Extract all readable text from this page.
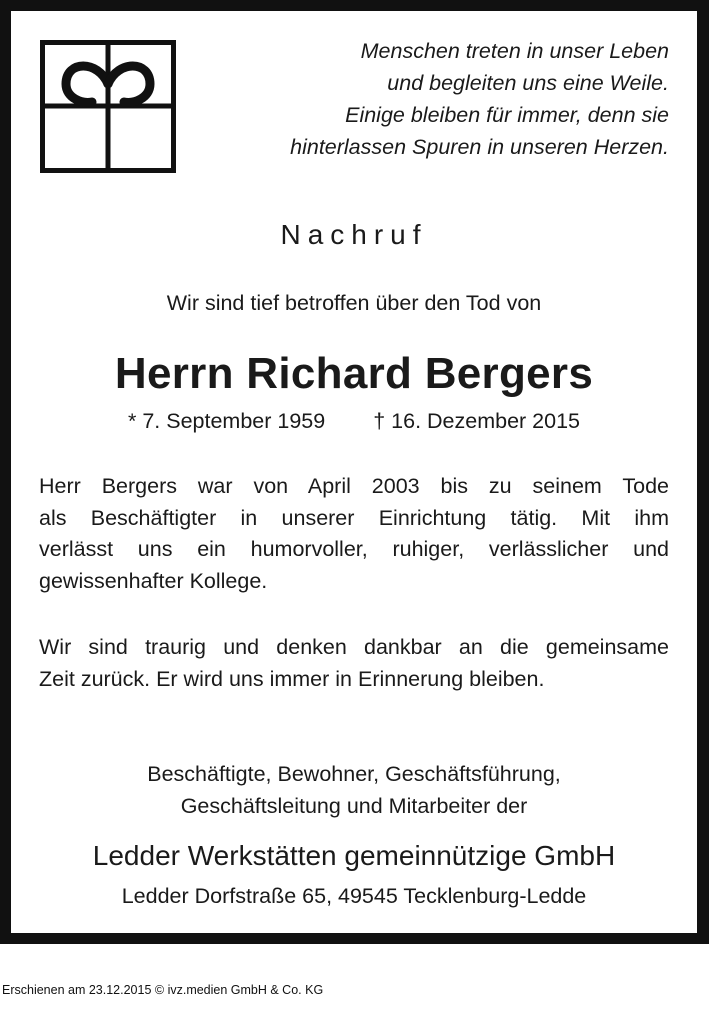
Menschen treten in unser Leben
und begleiten uns eine Weile.
Einige bleiben für immer, denn sie
hinterlassen Spuren in unseren Herzen.
Nachruf
Wir sind tief betroffen über den Tod von
Herrn Richard Bergers
* 7. September 1959 † 16. Dezember 2015
Herr Bergers war von April 2003 bis zu seinem Tode
als Beschäftigter in unserer Einrichtung tätig. Mit ihm
verlässt uns ein humorvoller, ruhiger, verlässlicher und
gewissenhafter Kollege.
Wir sind traurig und denken dankbar an die gemeinsame
Zeit zurück. Er wird uns immer in Erinnerung bleiben.
Beschäftigte, Bewohner, Geschäftsführung,
Geschäftsleitung und Mitarbeiter der
Ledder Werkstätten gemeinnützige GmbH
Ledder Dorfstraße 65, 49545 Tecklenburg-Ledde
Erschienen am 23.12.2015 © ivz.medien GmbH & Co. KG
